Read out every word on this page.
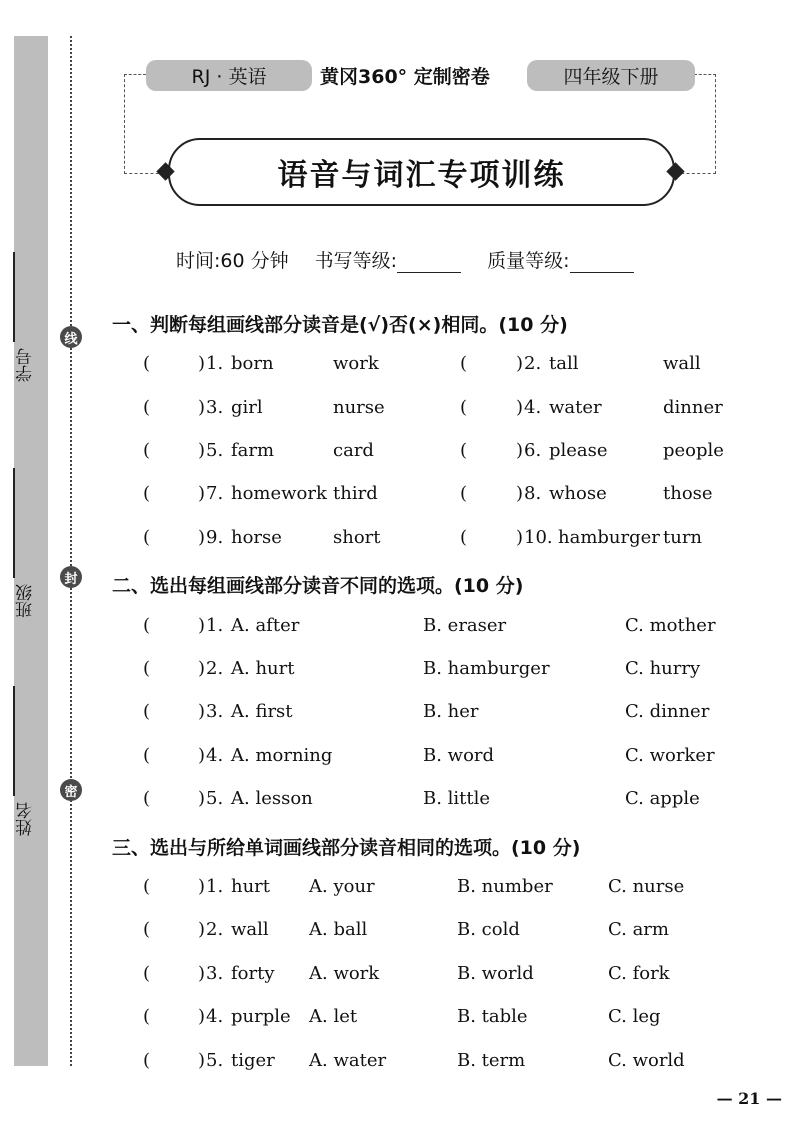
学号
班级
姓名
线
封
密
RJ · 英语	黄冈360° 定制密卷	四年级下册
语音与词汇专项训练
时间:60 分钟 书写等级:	质量等级:
一、判断每组画线部分读音是(√)否(×)相同。(10 分)
(	) 1. born	work	(	) 2. tall	wall
(	) 3. girl	nurse	(	) 4. water	dinner
(	) 5. farm	card	(	) 6. please	people
(	) 7. homework third	(	) 8. whose	those
(	) 9. horse	short	(	) 10. hamburger turn
二、选出每组画线部分读音不同的选项。(10 分)
(	) 1. A. after	B. eraser	C. mother
(	) 2. A. hurt	B. hamburger	C. hurry
(	) 3. A. first	B. her	C. dinner
(	) 4. A. morning	B. word	C. worker
(	) 5. A. lesson	B. little	C. apple
三、选出与所给单词画线部分读音相同的选项。(10 分)
(	) 1. hurt A. your	B. number	C. nurse
(	) 2. wall A. ball	B. cold	C. arm
(	) 3. forty A. work	B. world	C. fork
(	) 4. purple A. let	B. table	C. leg
(	) 5. tiger A. water	B. term	C. world
— 21 —
